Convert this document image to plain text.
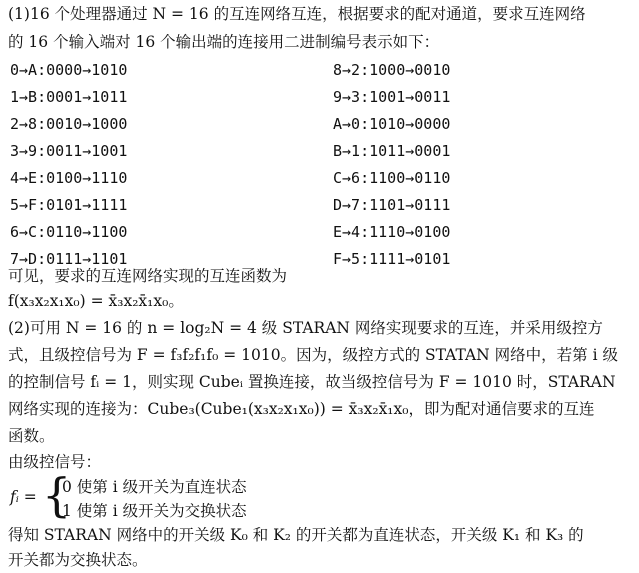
(1)16 个处理器通过 N = 16 的互连网络互连，根据要求的配对通道，要求互连网络
的 16 个输入端对 16 个输出端的连接用二进制编号表示如下：
0→A:0000→1010
1→B:0001→1011
2→8:0010→1000
3→9:0011→1001
4→E:0100→1110
5→F:0101→1111
6→C:0110→1100
7→D:0111→1101
8→2:1000→0010
9→3:1001→0011
A→0:1010→0000
B→1:1011→0001
C→6:1100→0110
D→7:1101→0111
E→4:1110→0100
F→5:1111→0101
可见，要求的互连网络实现的互连函数为
f(x₃x₂x₁x₀) = x̄₃x₂x̄₁x₀。
(2)可用 N = 16 的 n = log₂N = 4 级 STARAN 网络实现要求的互连，并采用级控方
式，且级控信号为 F = f₃f₂f₁f₀ = 1010。因为，级控方式的 STATAN 网络中，若第 i 级
的控制信号 fᵢ = 1，则实现 Cubeᵢ 置换连接，故当级控信号为 F = 1010 时，STARAN
网络实现的连接为：Cube₃(Cube₁(x₃x₂x₁x₀)) = x̄₃x₂x̄₁x₀，即为配对通信要求的互连
函数。
由级控信号：
fᵢ = {
0 使第 i 级开关为直连状态
1 使第 i 级开关为交换状态
得知 STARAN 网络中的开关级 K₀ 和 K₂ 的开关都为直连状态，开关级 K₁ 和 K₃ 的
开关都为交换状态。
